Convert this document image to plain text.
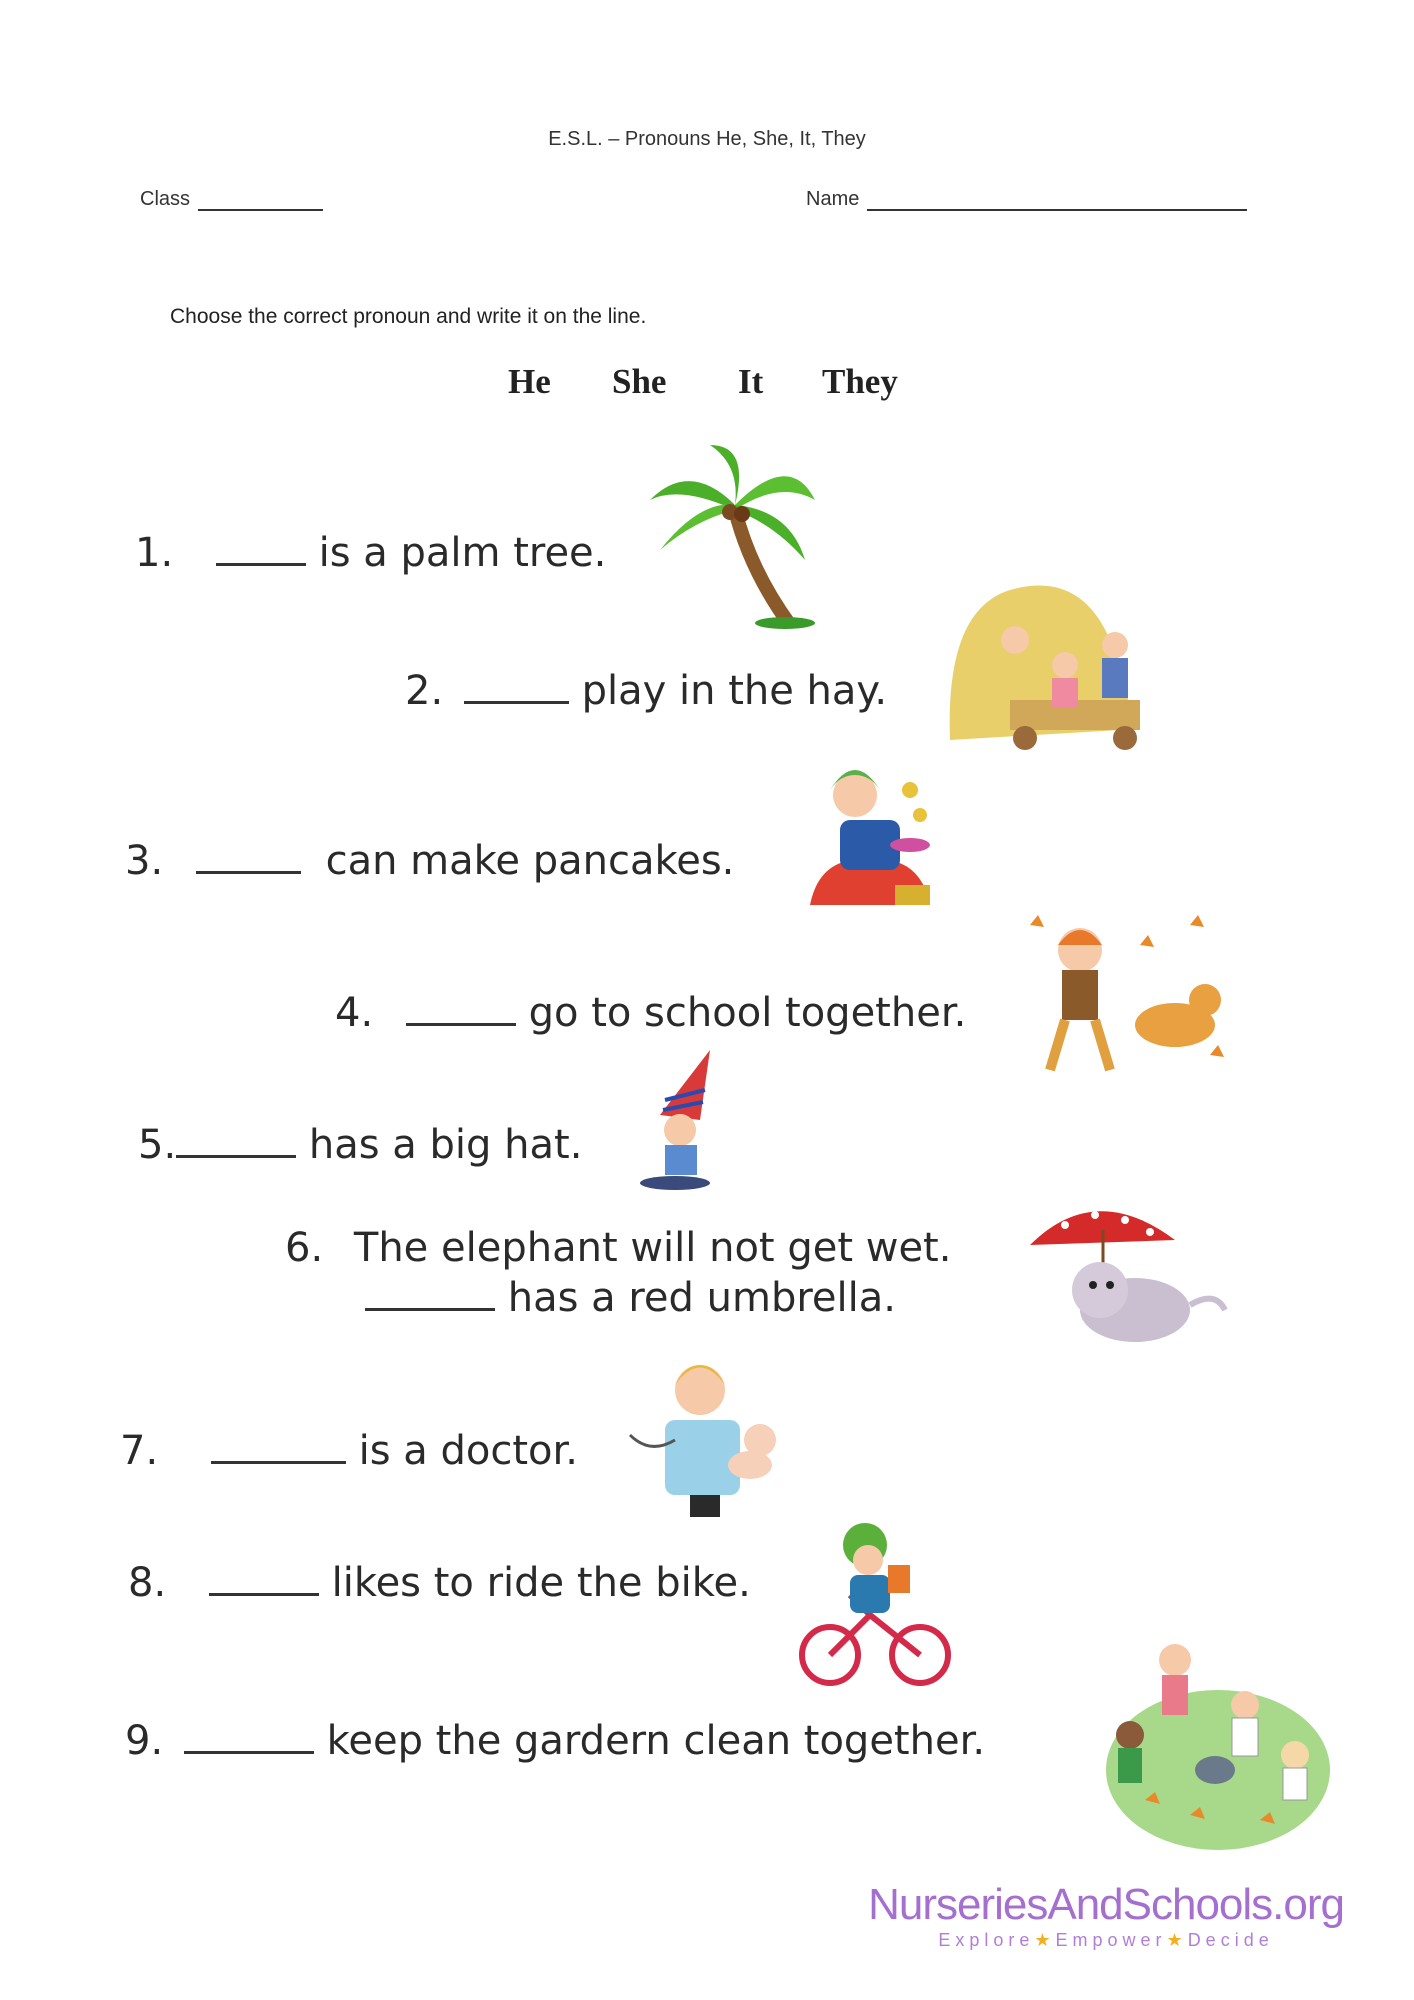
E.S.L. – Pronouns He, She, It, They
Class	Name
Choose the correct pronoun and write it on the line.
He She It They
1.	is a palm tree.
2.	play in the hay.
3.	can make pancakes.
4.	go to school together.
5.	has a big hat.
6. The elephant will not get wet.
has a red umbrella.
7.	is a doctor.
8.	likes to ride the bike.
9.	keep the gardern clean together.
NurseriesAndSchools.org
Explore★Empower★Decide
